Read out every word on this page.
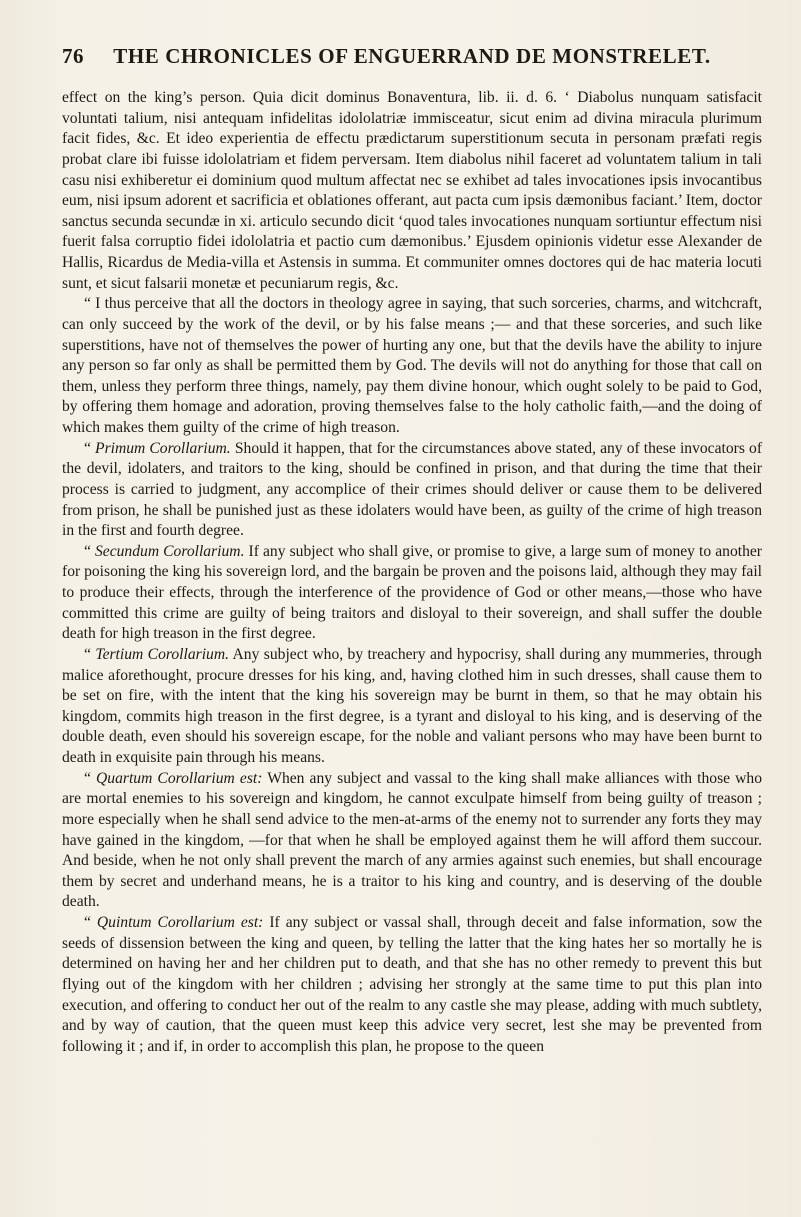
76	THE CHRONICLES OF ENGUERRAND DE MONSTRELET.

effect on the king’s person. Quia dicit dominus Bonaventura, lib. ii. d. 6. ‘ Diabolus nunquam satisfacit voluntati talium, nisi antequam infidelitas idololatriæ immisceatur, sicut enim ad divina miracula plurimum facit fides, &c. Et ideo experientia de effectu prædictarum superstitionum secuta in personam præfati regis probat clare ibi fuisse idololatriam et fidem perversam. Item diabolus nihil faceret ad voluntatem talium in tali casu nisi exhiberetur ei dominium quod multum affectat nec se exhibet ad tales invocationes ipsis invocantibus eum, nisi ipsum adorent et sacrificia et oblationes offerant, aut pacta cum ipsis dæmonibus faciant.’ Item, doctor sanctus secunda secundæ in xi. articulo secundo dicit ‘quod tales invocationes nunquam sortiuntur effectum nisi fuerit falsa corruptio fidei idololatria et pactio cum dæmonibus.’ Ejusdem opinionis videtur esse Alexander de Hallis, Ricardus de Media-villa et Astensis in summa. Et communiter omnes doctores qui de hac materia locuti sunt, et sicut falsarii monetæ et pecuniarum regis, &c.

“ I thus perceive that all the doctors in theology agree in saying, that such sorceries, charms, and witchcraft, can only succeed by the work of the devil, or by his false means ;— and that these sorceries, and such like superstitions, have not of themselves the power of hurting any one, but that the devils have the ability to injure any person so far only as shall be permitted them by God. The devils will not do anything for those that call on them, unless they perform three things, namely, pay them divine honour, which ought solely to be paid to God, by offering them homage and adoration, proving themselves false to the holy catholic faith,—and the doing of which makes them guilty of the crime of high treason.

“ Primum Corollarium. Should it happen, that for the circumstances above stated, any of these invocators of the devil, idolaters, and traitors to the king, should be confined in prison, and that during the time that their process is carried to judgment, any accomplice of their crimes should deliver or cause them to be delivered from prison, he shall be punished just as these idolaters would have been, as guilty of the crime of high treason in the first and fourth degree.

“ Secundum Corollarium. If any subject who shall give, or promise to give, a large sum of money to another for poisoning the king his sovereign lord, and the bargain be proven and the poisons laid, although they may fail to produce their effects, through the interference of the providence of God or other means,—those who have committed this crime are guilty of being traitors and disloyal to their sovereign, and shall suffer the double death for high treason in the first degree.

“ Tertium Corollarium. Any subject who, by treachery and hypocrisy, shall during any mummeries, through malice aforethought, procure dresses for his king, and, having clothed him in such dresses, shall cause them to be set on fire, with the intent that the king his sovereign may be burnt in them, so that he may obtain his kingdom, commits high treason in the first degree, is a tyrant and disloyal to his king, and is deserving of the double death, even should his sovereign escape, for the noble and valiant persons who may have been burnt to death in exquisite pain through his means.

“ Quartum Corollarium est: When any subject and vassal to the king shall make alliances with those who are mortal enemies to his sovereign and kingdom, he cannot exculpate himself from being guilty of treason ; more especially when he shall send advice to the men-at-arms of the enemy not to surrender any forts they may have gained in the kingdom, —for that when he shall be employed against them he will afford them succour. And beside, when he not only shall prevent the march of any armies against such enemies, but shall encourage them by secret and underhand means, he is a traitor to his king and country, and is deserving of the double death.

“ Quintum Corollarium est: If any subject or vassal shall, through deceit and false information, sow the seeds of dissension between the king and queen, by telling the latter that the king hates her so mortally he is determined on having her and her children put to death, and that she has no other remedy to prevent this but flying out of the kingdom with her children ; advising her strongly at the same time to put this plan into execution, and offering to conduct her out of the realm to any castle she may please, adding with much subtlety, and by way of caution, that the queen must keep this advice very secret, lest she may be prevented from following it ; and if, in order to accomplish this plan, he propose to the queen
